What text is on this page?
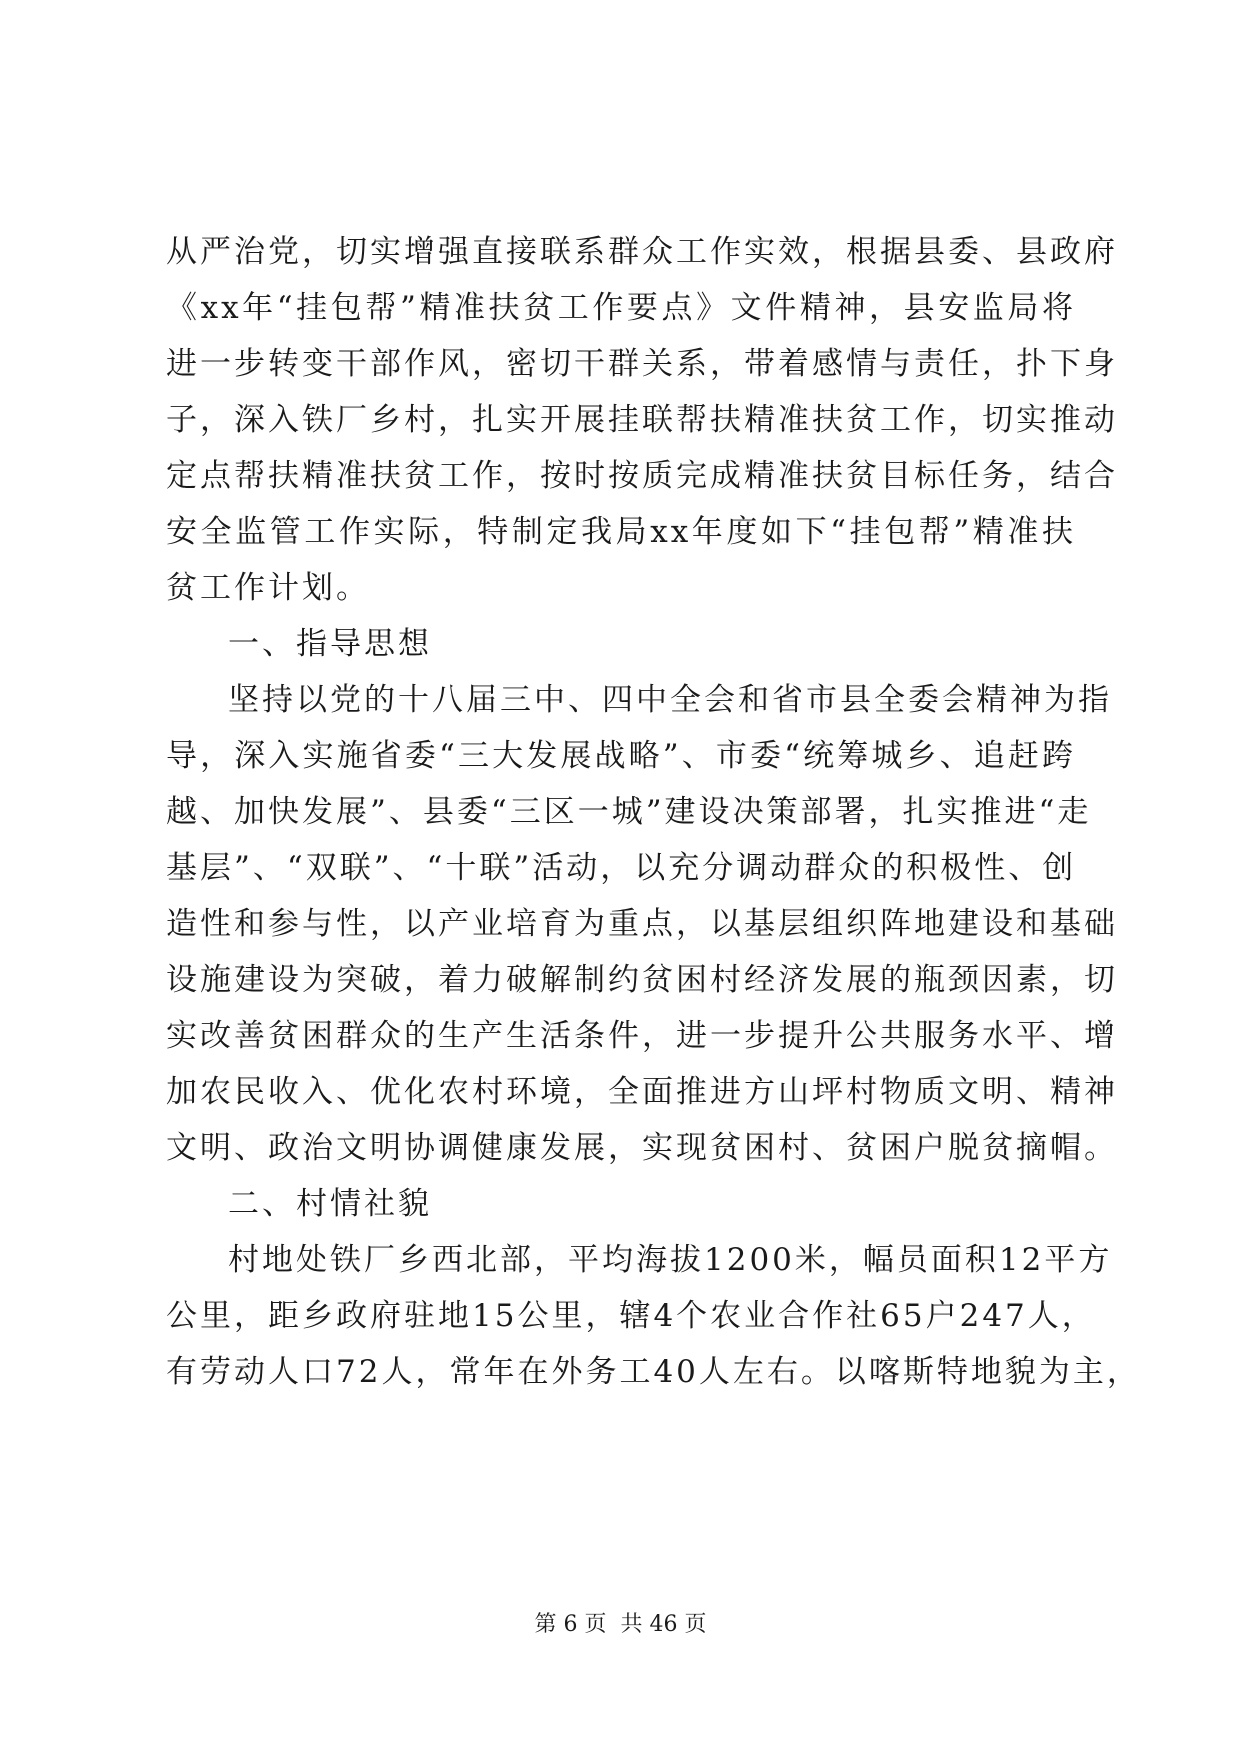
从严治党，切实增强直接联系群众工作实效，根据县委、县政府
《xx年“挂包帮”精准扶贫工作要点》文件精神，县安监局将
进一步转变干部作风，密切干群关系，带着感情与责任，扑下身
子，深入铁厂乡村，扎实开展挂联帮扶精准扶贫工作，切实推动
定点帮扶精准扶贫工作，按时按质完成精准扶贫目标任务，结合
安全监管工作实际，特制定我局xx年度如下“挂包帮”精准扶
贫工作计划。
一、指导思想
坚持以党的十八届三中、四中全会和省市县全委会精神为指
导，深入实施省委“三大发展战略”、市委“统筹城乡、追赶跨
越、加快发展”、县委“三区一城”建设决策部署，扎实推进“走
基层”、“双联”、“十联”活动，以充分调动群众的积极性、创
造性和参与性，以产业培育为重点，以基层组织阵地建设和基础
设施建设为突破，着力破解制约贫困村经济发展的瓶颈因素，切
实改善贫困群众的生产生活条件，进一步提升公共服务水平、增
加农民收入、优化农村环境，全面推进方山坪村物质文明、精神
文明、政治文明协调健康发展，实现贫困村、贫困户脱贫摘帽。
二、村情社貌
村地处铁厂乡西北部，平均海拔1200米，幅员面积12平方
公里，距乡政府驻地15公里，辖4个农业合作社65户247人，
有劳动人口72人，常年在外务工40人左右。以喀斯特地貌为主，
第 6 页  共 46 页
